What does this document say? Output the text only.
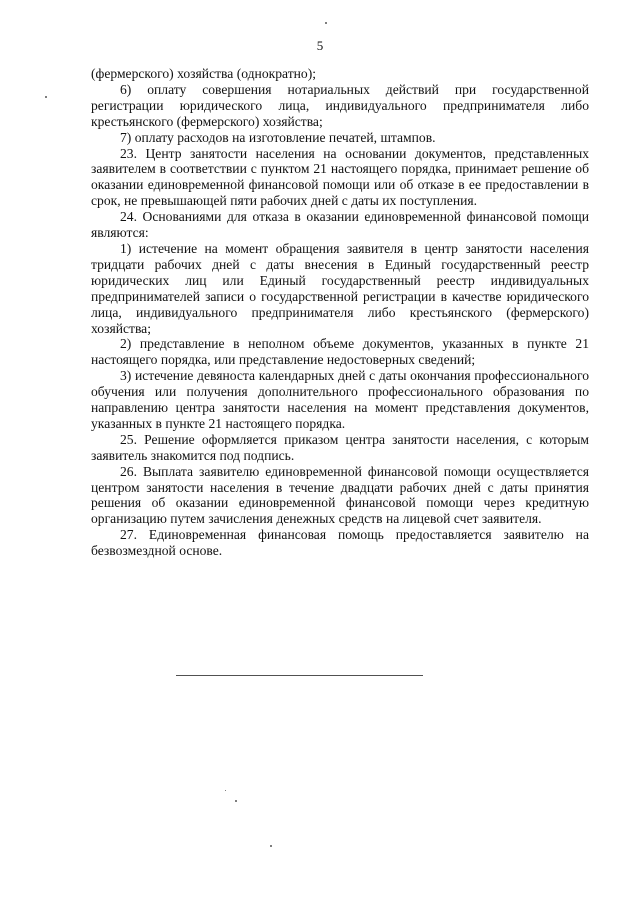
5

(фермерского) хозяйства (однократно);

6) оплату совершения нотариальных действий при государственной регистрации юридического лица, индивидуального предпринимателя либо крестьянского (фермерского) хозяйства;

7) оплату расходов на изготовление печатей, штампов.

23. Центр занятости населения на основании документов, представленных заявителем в соответствии с пунктом 21 настоящего порядка, принимает решение об оказании единовременной финансовой помощи или об отказе в ее предоставлении в срок, не превышающей пяти рабочих дней с даты их поступления.

24. Основаниями для отказа в оказании единовременной финансовой помощи являются:

1) истечение на момент обращения заявителя в центр занятости населения тридцати рабочих дней с даты внесения в Единый государственный реестр юридических лиц или Единый государственный реестр индивидуальных предпринимателей записи о государственной регистрации в качестве юридического лица, индивидуального предпринимателя либо крестьянского (фермерского) хозяйства;

2) представление в неполном объеме документов, указанных в пункте 21 настоящего порядка, или представление недостоверных сведений;

3) истечение девяноста календарных дней с даты окончания профессионального обучения или получения дополнительного профессионального образования по направлению центра занятости населения на момент представления документов, указанных в пункте 21 настоящего порядка.

25. Решение оформляется приказом центра занятости населения, с которым заявитель знакомится под подпись.

26. Выплата заявителю единовременной финансовой помощи осуществляется центром занятости населения в течение двадцати рабочих дней с даты принятия решения об оказании единовременной финансовой помощи через кредитную организацию путем зачисления денежных средств на лицевой счет заявителя.

27. Единовременная финансовая помощь предоставляется заявителю на безвозмездной основе.
